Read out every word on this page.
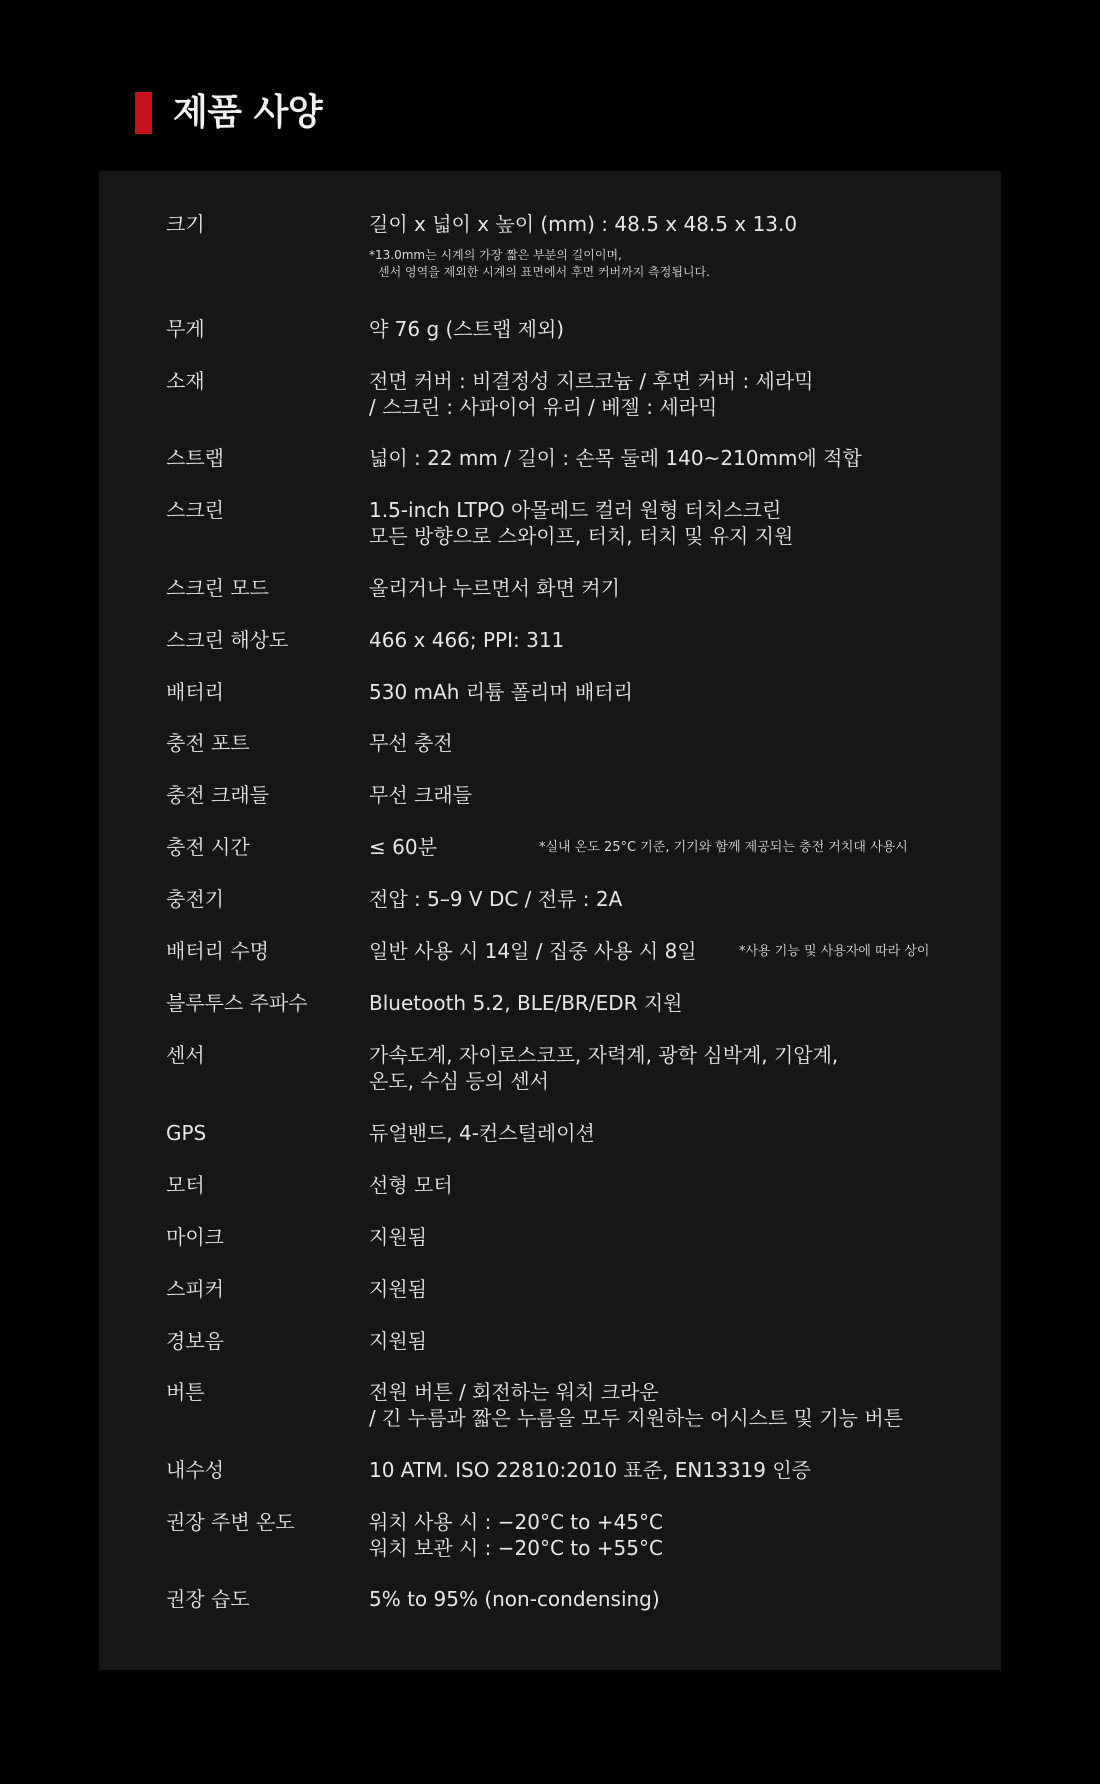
제품 사양
크기	길이 x 넓이 x 높이 (mm) : 48.5 x 48.5 x 13.0
*13.0mm는 시계의 가장 짧은 부분의 길이이며,
센서 영역을 제외한 시계의 표면에서 후면 커버까지 측정됩니다.
무게	약 76 g (스트랩 제외)
소재	전면 커버 : 비결정성 지르코늄 / 후면 커버 : 세라믹
/ 스크린 : 사파이어 유리 / 베젤 : 세라믹
스트랩	넓이 : 22 mm / 길이 : 손목 둘레 140~210mm에 적합
스크린	1.5-inch LTPO 아몰레드 컬러 원형 터치스크린
모든 방향으로 스와이프, 터치, 터치 및 유지 지원
스크린 모드	올리거나 누르면서 화면 켜기
스크린 해상도	466 x 466; PPI: 311
배터리	530 mAh 리튬 폴리머 배터리
충전 포트	무선 충전
충전 크래들	무선 크래들
충전 시간	≤ 60분	*실내 온도 25°C 기준, 기기와 함께 제공되는 충전 거치대 사용시
충전기	전압 : 5–9 V DC / 전류 : 2A
배터리 수명	일반 사용 시 14일 / 집중 사용 시 8일	*사용 기능 및 사용자에 따라 상이
블루투스 주파수	Bluetooth 5.2, BLE/BR/EDR 지원
센서	가속도계, 자이로스코프, 자력계, 광학 심박계, 기압계,
온도, 수심 등의 센서
GPS	듀얼밴드, 4-컨스털레이션
모터	선형 모터
마이크	지원됨
스피커	지원됨
경보음	지원됨
버튼	전원 버튼 / 회전하는 워치 크라운
/ 긴 누름과 짧은 누름을 모두 지원하는 어시스트 및 기능 버튼
내수성	10 ATM. ISO 22810:2010 표준, EN13319 인증
권장 주변 온도	워치 사용 시 : −20°C to +45°C
워치 보관 시 : −20°C to +55°C
권장 습도	5% to 95% (non-condensing)
